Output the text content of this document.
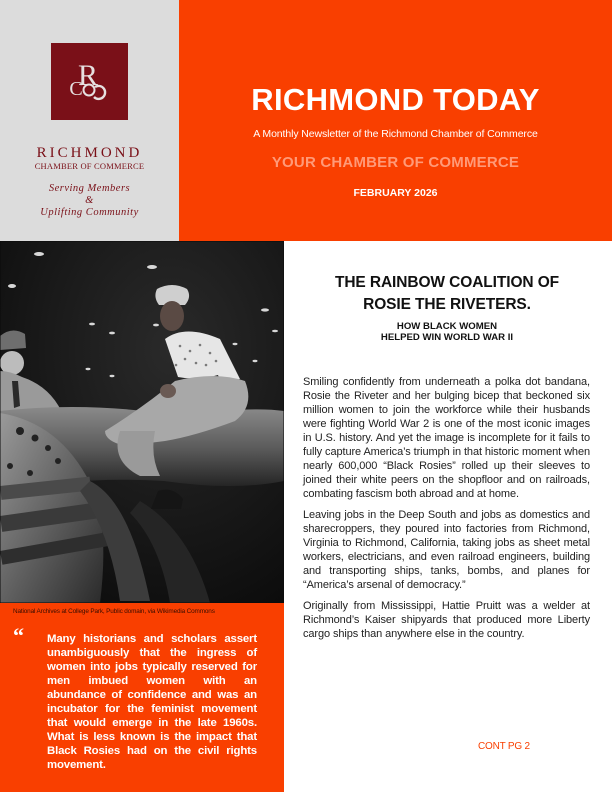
R
C
RICHMOND
CHAMBER OF COMMERCE
Serving Members
&
Uplifting Community
RICHMOND TODAY
A Monthly Newsletter of the Richmond Chamber of Commerce
YOUR CHAMBER OF COMMERCE
FEBRUARY 2026
National Archives at College Park, Public domain, via Wikimedia Commons
“ Many historians and scholars assert unambiguously that the ingress of women into jobs typically reserved for men imbued women with an abundance of confidence and was an incubator for the feminist movement that would emerge in the late 1960s. What is less known is the impact that Black Rosies had on the civil rights movement.
THE RAINBOW COALITION OF
ROSIE THE RIVETERS.
HOW BLACK WOMEN
HELPED WIN WORLD WAR II

Smiling confidently from underneath a polka dot bandana, Rosie the Riveter and her bulging bicep that beckoned six million women to join the workforce while their husbands were fighting World War 2 is one of the most iconic images in U.S. history. And yet the image is incomplete for it fails to fully capture America’s triumph in that historic moment when nearly 600,000 “Black Rosies” rolled up their sleeves to joined their white peers on the shopfloor and on railroads, combating fascism both abroad and at home.

Leaving jobs in the Deep South and jobs as domestics and sharecroppers, they poured into factories from Richmond, Virginia to Richmond, California, taking jobs as sheet metal workers, electricians, and even railroad engineers, building and transporting ships, tanks, bombs, and planes for “America’s arsenal of democracy.”

Originally from Mississippi, Hattie Pruitt was a welder at Richmond’s Kaiser shipyards that produced more Liberty cargo ships than anywhere else in the country.

CONT PG 2
